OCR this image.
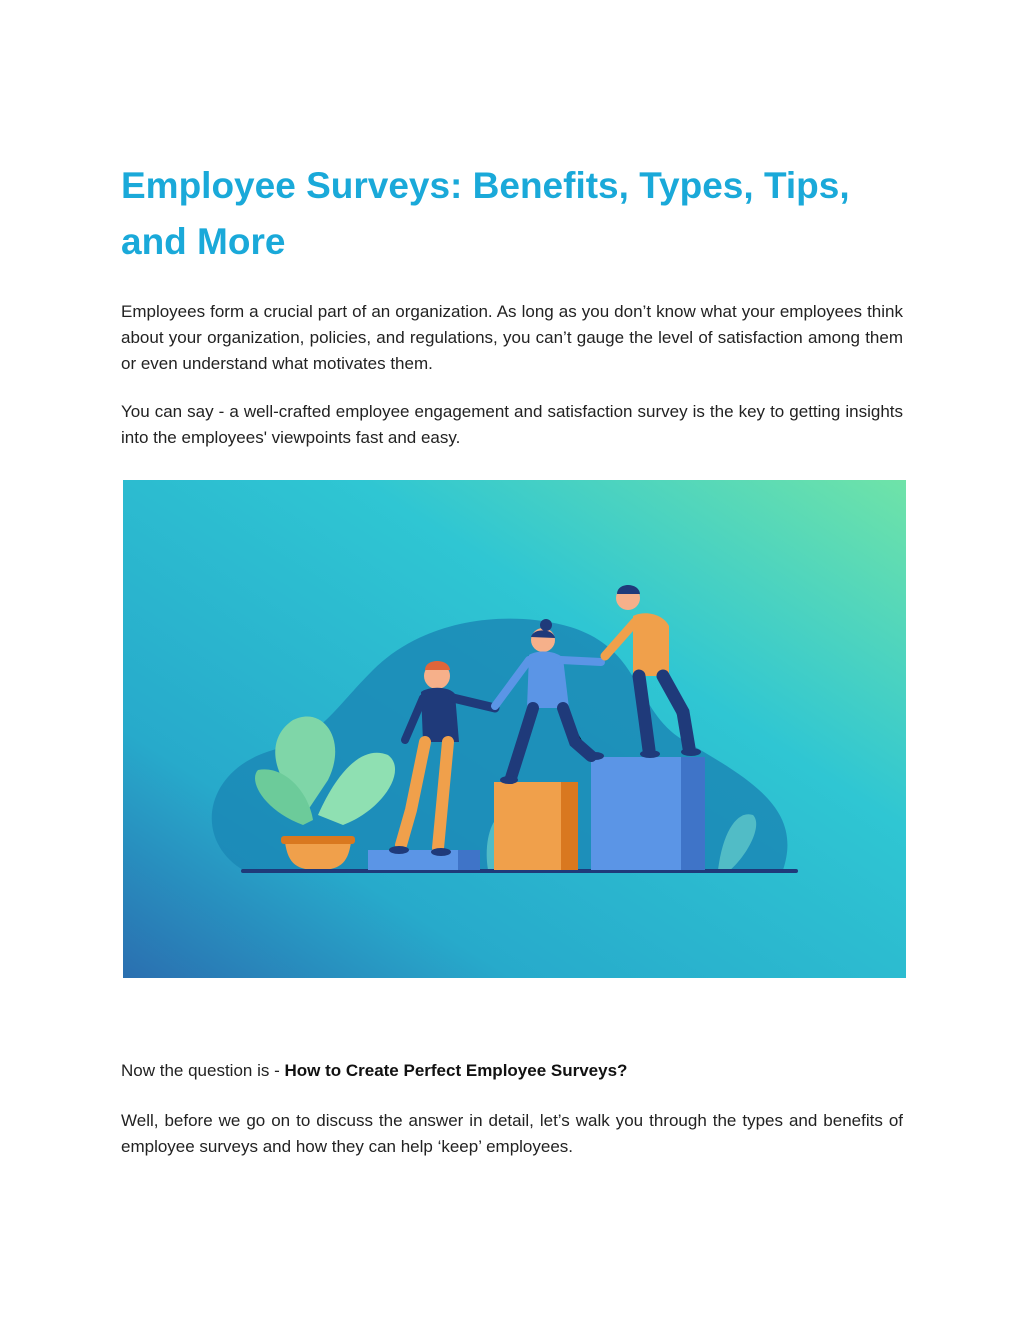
Employee Surveys: Benefits, Types, Tips, and More

Employees form a crucial part of an organization. As long as you don’t know what your employees think about your organization, policies, and regulations, you can’t gauge the level of satisfaction among them or even understand what motivates them.

You can say - a well-crafted employee engagement and satisfaction survey is the key to getting insights into the employees' viewpoints fast and easy.

Now the question is - How to Create Perfect Employee Surveys?

Well, before we go on to discuss the answer in detail, let’s walk you through the types and benefits of employee surveys and how they can help ‘keep’ employees.
